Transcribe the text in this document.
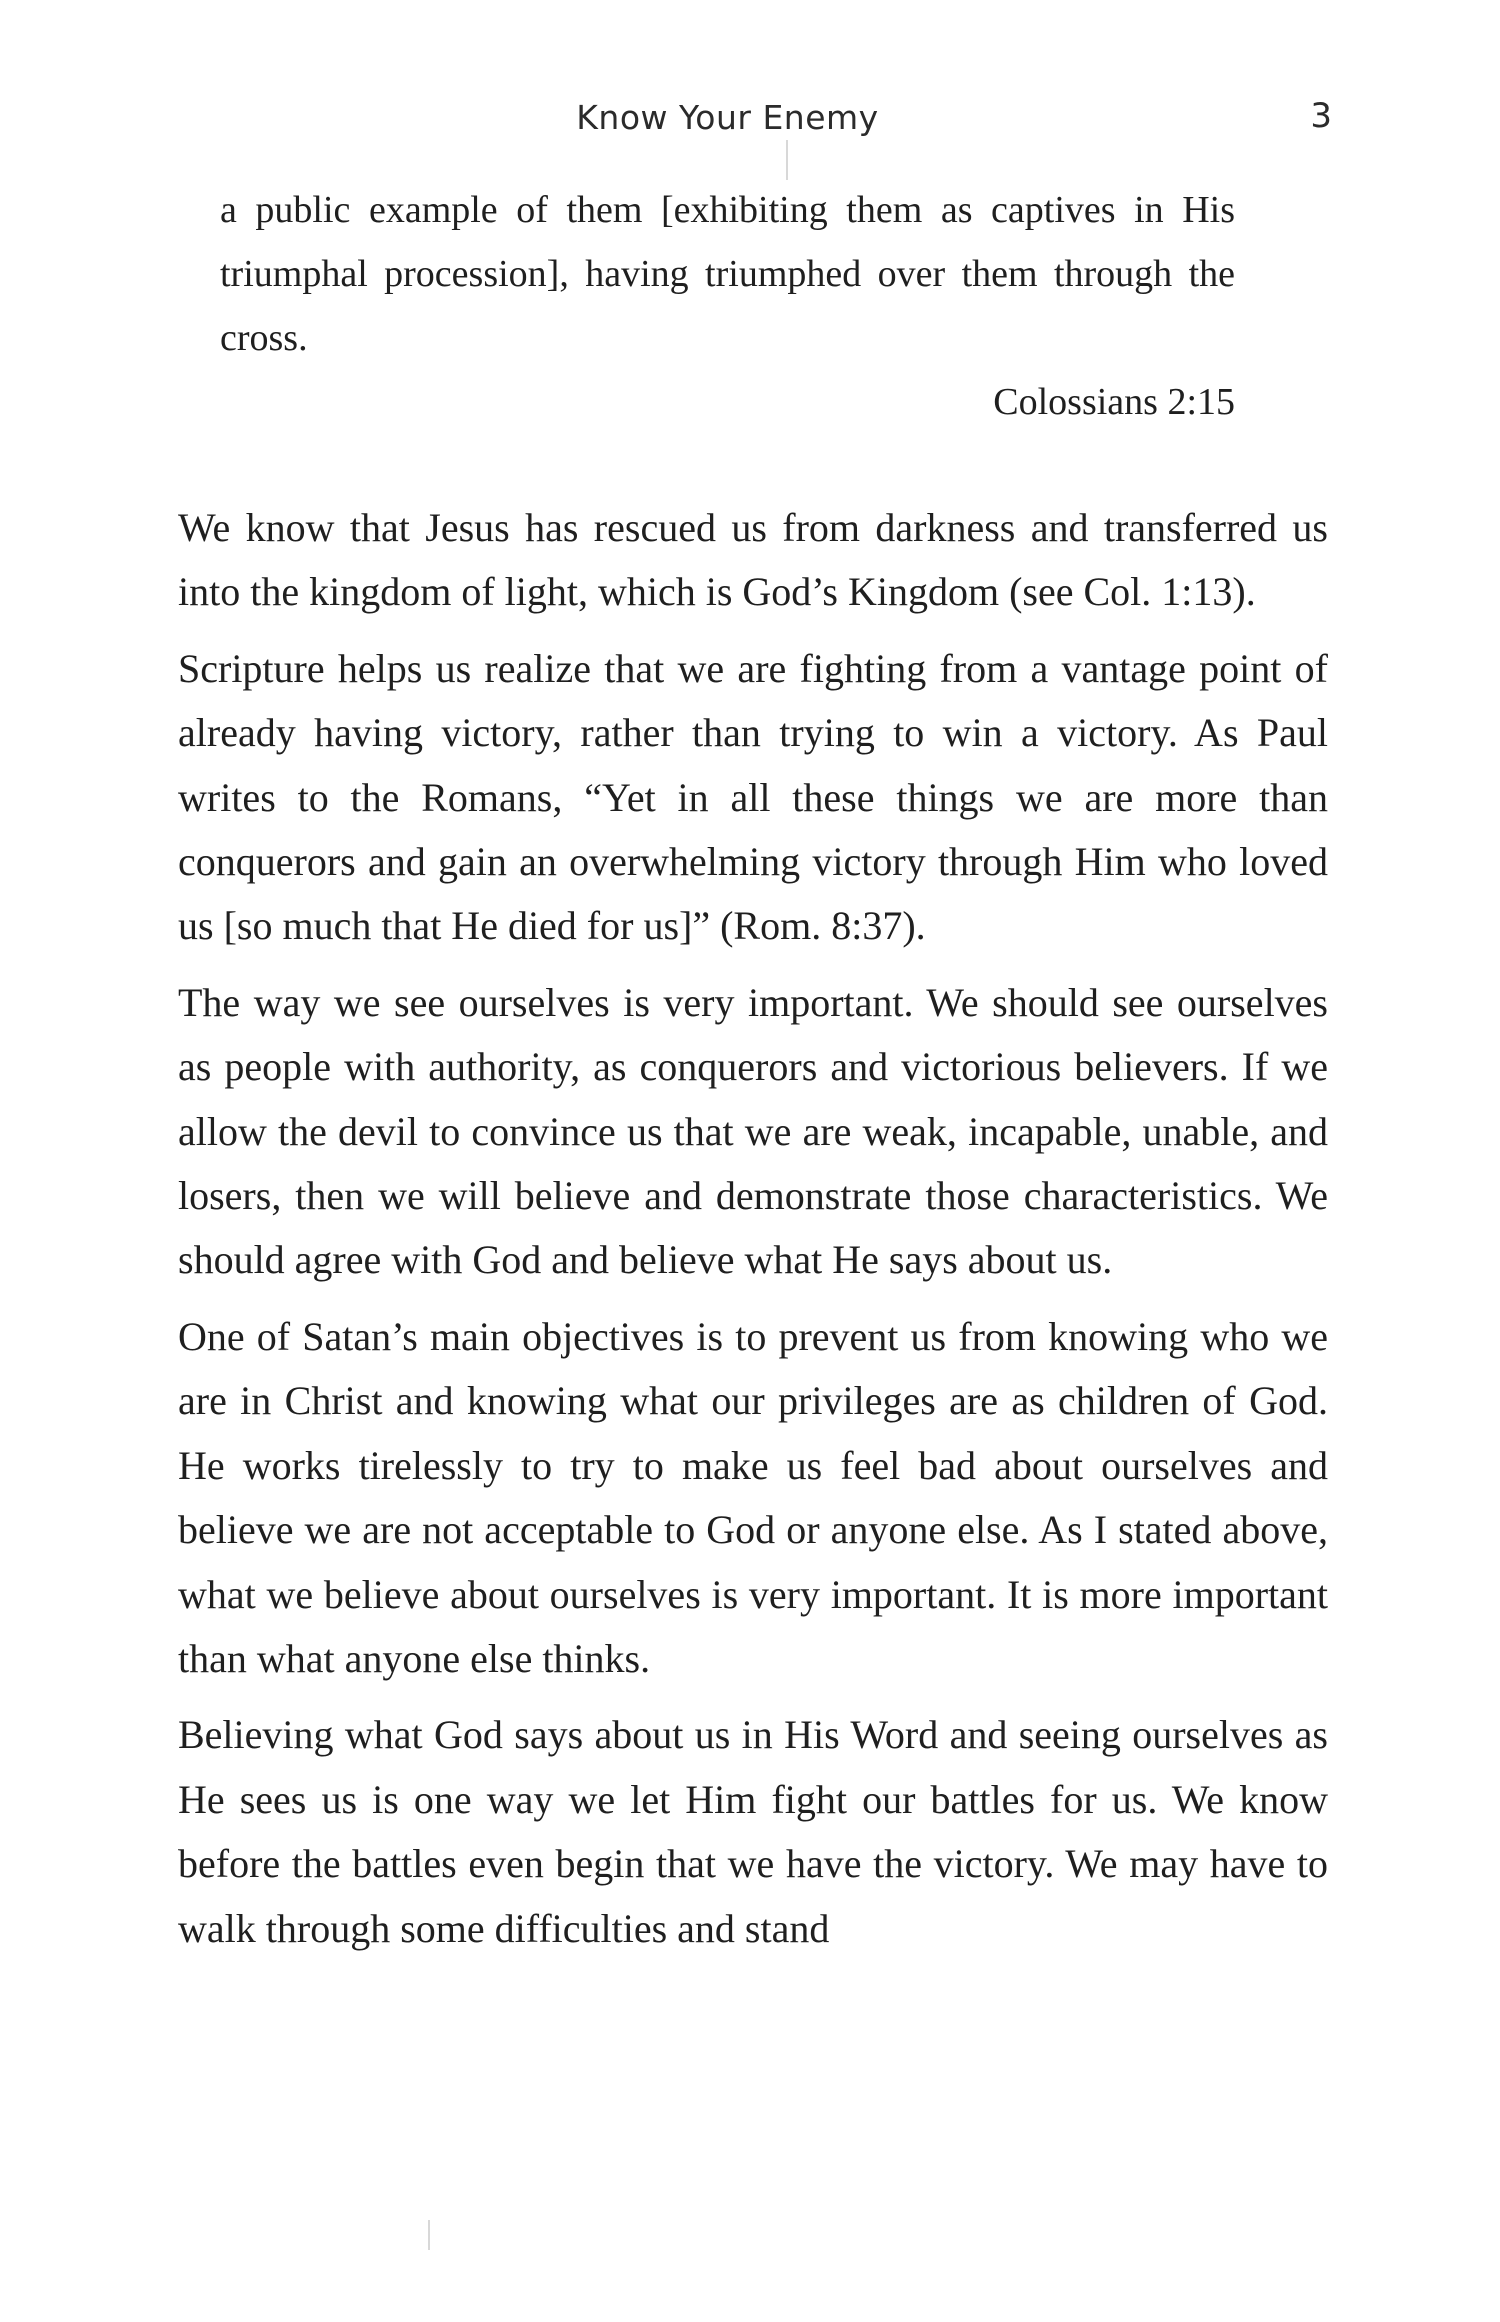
Know Your Enemy	3

a public example of them [exhibiting them as captives in His triumphal procession], having triumphed over them through the cross.

Colossians 2:15

We know that Jesus has rescued us from darkness and transferred us into the kingdom of light, which is God’s Kingdom (see Col. 1:13).

Scripture helps us realize that we are fighting from a vantage point of already having victory, rather than trying to win a victory. As Paul writes to the Romans, “Yet in all these things we are more than conquerors and gain an overwhelming victory through Him who loved us [so much that He died for us]” (Rom. 8:37).

The way we see ourselves is very important. We should see ourselves as people with authority, as conquerors and victorious believers. If we allow the devil to convince us that we are weak, incapable, unable, and losers, then we will believe and demonstrate those characteristics. We should agree with God and believe what He says about us.

One of Satan’s main objectives is to prevent us from knowing who we are in Christ and knowing what our privileges are as children of God. He works tirelessly to try to make us feel bad about ourselves and believe we are not acceptable to God or anyone else. As I stated above, what we believe about ourselves is very important. It is more important than what anyone else thinks.

Believing what God says about us in His Word and seeing ourselves as He sees us is one way we let Him fight our battles for us. We know before the battles even begin that we have the victory. We may have to walk through some difficulties and stand
